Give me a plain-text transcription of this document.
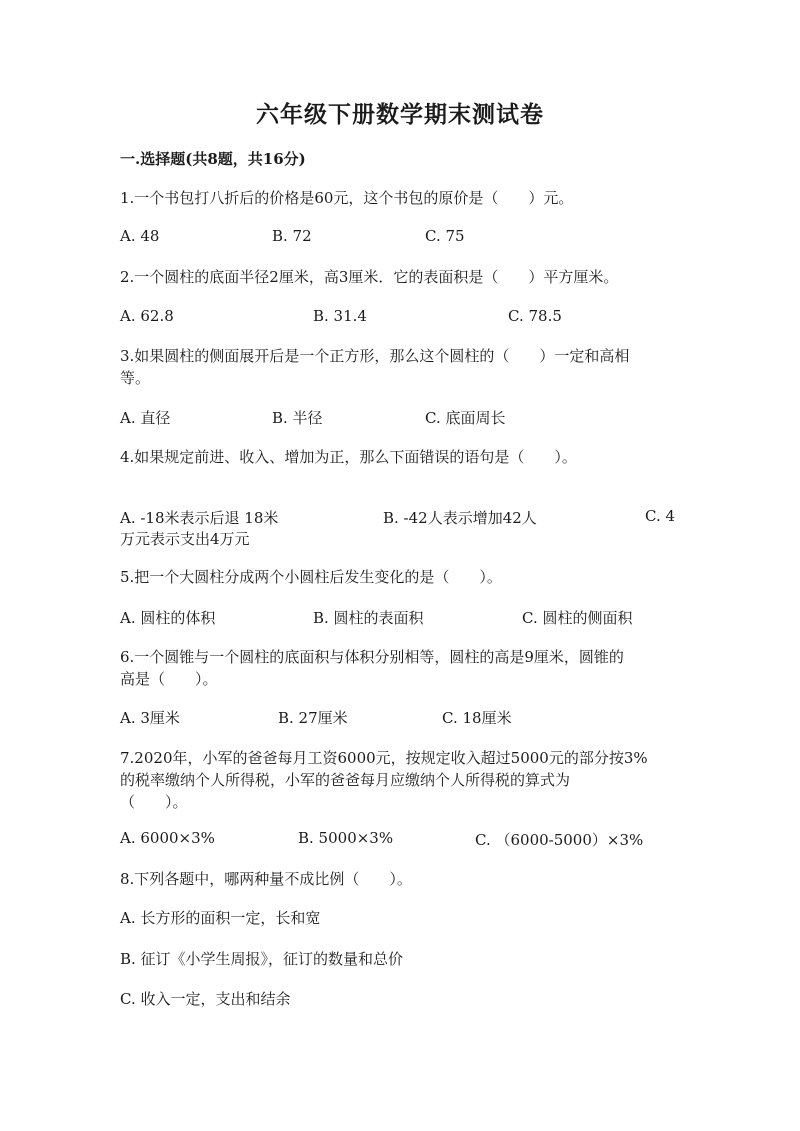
六年级下册数学期末测试卷
一.选择题(共8题，共16分)
1.一个书包打八折后的价格是60元，这个书包的原价是（　　）元。
A. 48	B. 72	C. 75
2.一个圆柱的底面半径2厘米，高3厘米．它的表面积是（　　）平方厘米。
A. 62.8	B. 31.4	C. 78.5
3.如果圆柱的侧面展开后是一个正方形，那么这个圆柱的（　　）一定和高相
等。
A. 直径	B. 半径	C. 底面周长
4.如果规定前进、收入、增加为正，那么下面错误的语句是（　　）。
A. -18米表示后退 18米	B. -42人表示增加42人	C. 4
万元表示支出4万元
5.把一个大圆柱分成两个小圆柱后发生变化的是（　　）。
A. 圆柱的体积	B. 圆柱的表面积	C. 圆柱的侧面积
6.一个圆锥与一个圆柱的底面积与体积分别相等，圆柱的高是9厘米，圆锥的
高是（　　）。
A. 3厘米	B. 27厘米	C. 18厘米
7.2020年，小军的爸爸每月工资6000元，按规定收入超过5000元的部分按3%
的税率缴纳个人所得税，小军的爸爸每月应缴纳个人所得税的算式为
（　　）。
A. 6000×3%	B. 5000×3%	C. （6000-5000）×3%
8.下列各题中，哪两种量不成比例（　　）。
A. 长方形的面积一定，长和宽
B. 征订《小学生周报》，征订的数量和总价
C. 收入一定，支出和结余
